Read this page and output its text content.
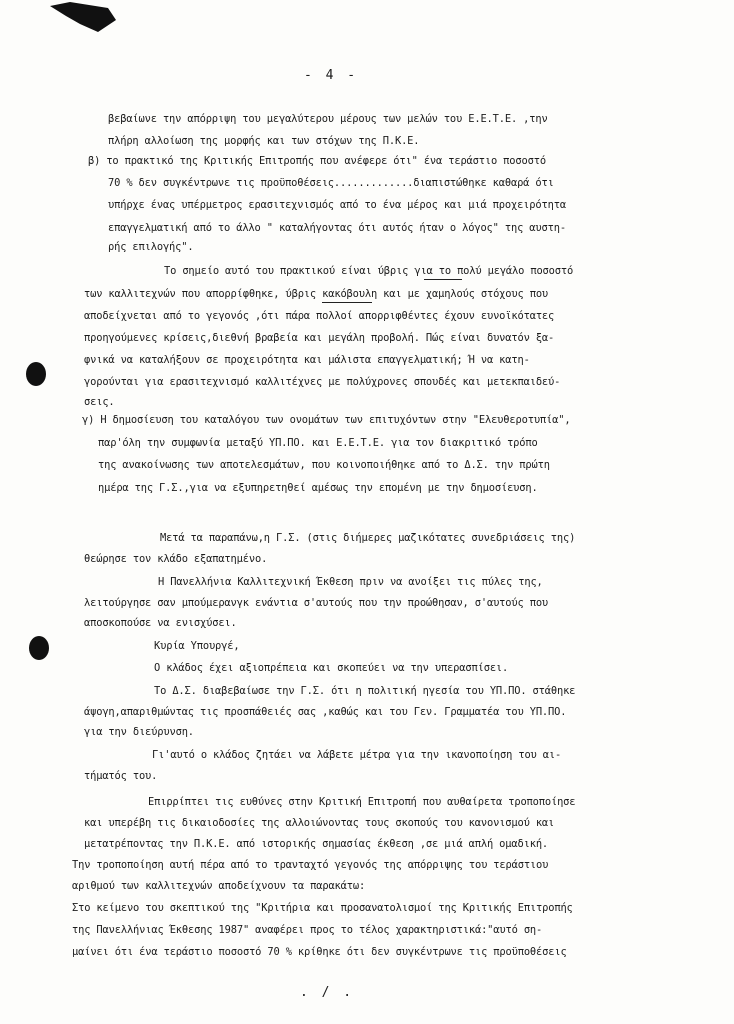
- 4 -
βεβαίωνε την απόρριψη του μεγαλύτερου μέρους των μελών του Ε.Ε.Τ.Ε. ,την
πλήρη αλλοίωση της μορφής και των στόχων της Π.Κ.Ε.
β) το πρακτικό της Κριτικής Επιτροπής που ανέφερε ότι" ένα τεράστιο ποσοστό
70 % δεν συγκέντρωνε τις προϋποθέσεις.............διαπιστώθηκε καθαρά ότι
υπήρχε ένας υπέρμετρος ερασιτεχνισμός από το ένα μέρος και μιά προχειρότητα
επαγγελματική από το άλλο " καταλήγοντας ότι αυτός ήταν ο λόγος" της αυστη-
ρής επιλογής".
Το σημείο αυτό του πρακτικού είναι ύβρις για το πολύ μεγάλο ποσοστό
των καλλιτεχνών που απορρίφθηκε, ύβρις κακόβουλη και με χαμηλούς στόχους που
αποδείχνεται από το γεγονός ,ότι πάρα πολλοί απορριφθέντες έχουν ευνοϊκότατες
προηγούμενες κρίσεις,διεθνή βραβεία και μεγάλη προβολή. Πώς είναι δυνατόν ξα-
φνικά να καταλήξουν σε προχειρότητα και μάλιστα επαγγελματική; Ή να κατη-
γορούνται για ερασιτεχνισμό καλλιτέχνες με πολύχρονες σπουδές και μετεκπαιδεύ-
σεις.
γ) Η δημοσίευση του καταλόγου των ονομάτων των επιτυχόντων στην "Ελευθεροτυπία",
παρ'όλη την συμφωνία μεταξύ ΥΠ.ΠΟ. και Ε.Ε.Τ.Ε. για τον διακριτικό τρόπο
της ανακοίνωσης των αποτελεσμάτων, που κοινοποιήθηκε από το Δ.Σ. την πρώτη
ημέρα της Γ.Σ.,για να εξυπηρετηθεί αμέσως την επομένη με την δημοσίευση.
Μετά τα παραπάνω,η Γ.Σ. (στις διήμερες μαζικότατες συνεδριάσεις της)
θεώρησε τον κλάδο εξαπατημένο.
Η Πανελλήνια Καλλιτεχνική Έκθεση πριν να ανοίξει τις πύλες της,
λειτούργησε σαν μπούμερανγκ ενάντια σ'αυτούς που την προώθησαν, σ'αυτούς που
αποσκοπούσε να ενισχύσει.
Κυρία Υπουργέ,
Ο κλάδος έχει αξιοπρέπεια και σκοπεύει να την υπερασπίσει.
Το Δ.Σ. διαβεβαίωσε την Γ.Σ. ότι η πολιτική ηγεσία του ΥΠ.ΠΟ. στάθηκε
άψογη,απαριθμώντας τις προσπάθειές σας ,καθώς και του Γεν. Γραμματέα του ΥΠ.ΠΟ.
για την διεύρυνση.
Γι'αυτό ο κλάδος ζητάει να λάβετε μέτρα για την ικανοποίηση του αι-
τήματός του.
Επιρρίπτει τις ευθύνες στην Κριτική Επιτροπή που αυθαίρετα τροποποίησε
και υπερέβη τις δικαιοδοσίες της αλλοιώνοντας τους σκοπούς του κανονισμού και
μετατρέποντας την Π.Κ.Ε. από ιστορικής σημασίας έκθεση ,σε μιά απλή ομαδική.
Την τροποποίηση αυτή πέρα από το τρανταχτό γεγονός της απόρριψης του τεράστιου
αριθμού των καλλιτεχνών αποδείχνουν τα παρακάτω:
Στο κείμενο του σκεπτικού της "Κριτήρια και προσανατολισμοί της Κριτικής Επιτροπής
της Πανελλήνιας Έκθεσης 1987" αναφέρει προς το τέλος χαρακτηριστικά:"αυτό ση-
μαίνει ότι ένα τεράστιο ποσοστό 70 % κρίθηκε ότι δεν συγκέντρωνε τις προϋποθέσεις
. / .
